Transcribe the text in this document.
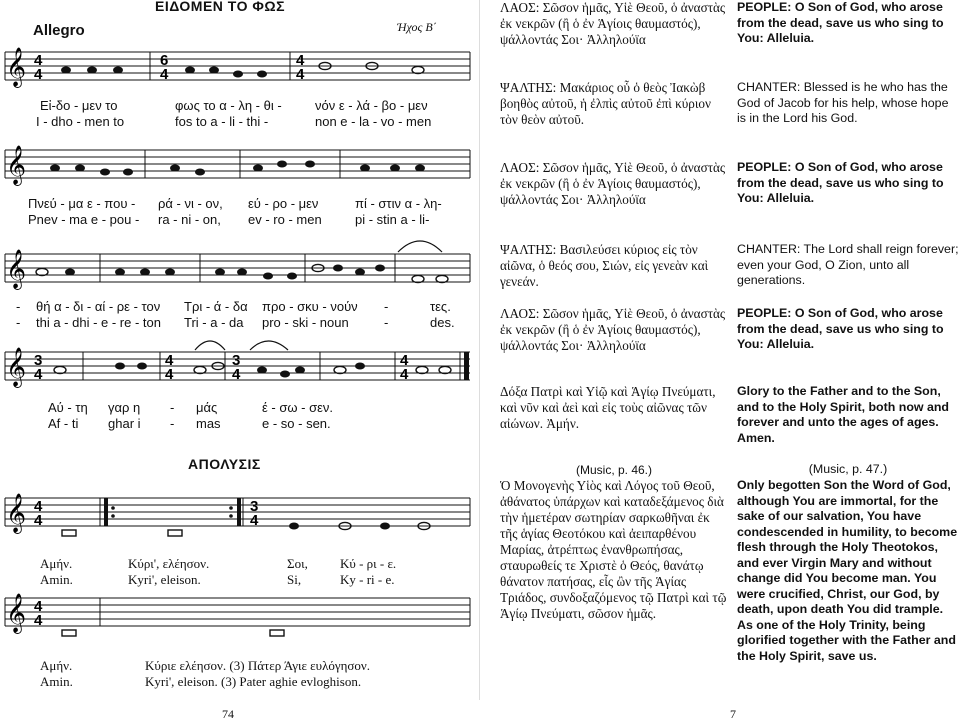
Allegro
ΕΙΔΟΜΕΝ ΤΟ ΦΩΣ
Ήχος Β΄
𝄞 4
4
6
4
4
4
Εἰ-δο - μεν το	φως το α - λη - θι -	νόν ε - λά - βο - μεν
I - dho - men to	fos to a - li - thi -	non e - la - vo - men
𝄞
Πνεύ - μα ε - που - ρά - νι - ον, εύ - ρο - μεν	πί - στιν α - λη-
Pnev - ma e - pou - ra - ni - on, ev - ro - men	pi - stin a - li-
𝄞
- θή α - δι - αί - ρε - τον Τρι - ά - δα προ - σκυ - νούν -	τες.
- thi a - dhi - e - re - ton Tri - a - da pro - ski - noun	-	des.
𝄞 3
4
4
4
3
4
4
4
Αύ - τη γαρ η - μάς	έ - σω - σεν.
Af - ti ghar i - mas	e - so - sen.
ΑΠΟΛΥΣΙΣ
𝄞 4
4
3
4
Αμήν.	Κύρι', ελέησον.	Σοι, Κύ - ρι - ε.
Amin.	Kyri', eleison.	Si,	Ky - ri - e.
𝄞 4
4
Αμήν.	Κύριε ελέησον. (3) Πάτερ Άγιε ευλόγησον.
Amin.	Kyri', eleison. (3) Pater aghie evloghison.
74
ΛΑΟΣ: Σῶσον ἡμᾶς, Υἱὲ Θεοῦ, ὁ ἀναστὰς ἐκ νεκρῶν (ἢ ὁ ἐν Ἁγίοις θαυμαστός), ψάλλοντάς Σοι· Ἀλληλούϊα
ΨΑΛΤΗΣ: Μακάριος οὗ ὁ θεὸς Ἰακὼβ βοηθὸς αὐτοῦ, ἡ ἐλπὶς αὐτοῦ ἐπὶ κύριον τὸν θεὸν αὐτοῦ.
ΛΑΟΣ: Σῶσον ἡμᾶς, Υἱὲ Θεοῦ, ὁ ἀναστὰς ἐκ νεκρῶν (ἢ ὁ ἐν Ἁγίοις θαυμαστός), ψάλλοντάς Σοι· Ἀλληλούϊα
ΨΑΛΤΗΣ: Βασιλεύσει κύριος εἰς τὸν αἰῶνα, ὁ θεός σου, Σιών, εἰς γενεὰν καὶ γενεάν.
ΛΑΟΣ: Σῶσον ἡμᾶς, Υἱὲ Θεοῦ, ὁ ἀναστὰς ἐκ νεκρῶν (ἢ ὁ ἐν Ἁγίοις θαυμαστός), ψάλλοντάς Σοι· Ἀλληλούϊα
Δόξα Πατρὶ καὶ Υἱῷ καὶ Ἁγίῳ Πνεύματι, καὶ νῦν καὶ ἀεὶ καὶ εἰς τοὺς αἰῶνας τῶν αἰώνων. Ἀμήν.
(Music, p. 46.)
Ὁ Μονογενὴς Υἱὸς καὶ Λόγος τοῦ Θεοῦ, ἀθάνατος ὑπάρχων καὶ καταδεξάμενος διὰ τὴν ἡμετέραν σωτηρίαν σαρκωθῆναι ἐκ τῆς ἁγίας Θεοτόκου καὶ ἀειπαρθένου Μαρίας, ἀτρέπτως ἐνανθρωπήσας, σταυρωθείς τε Χριστὲ ὁ Θεός, θανάτῳ θάνατον πατήσας, εἷς ὢν τῆς Ἁγίας Τριάδος, συνδοξαζόμενος τῷ Πατρὶ καὶ τῷ Ἁγίῳ Πνεύματι, σῶσον ἡμᾶς.
PEOPLE: O Son of God, who arose from the dead, save us who sing to You: Alleluia.
CHANTER: Blessed is he who has the God of Jacob for his help, whose hope is in the Lord his God.
PEOPLE: O Son of God, who arose from the dead, save us who sing to You: Alleluia.
CHANTER: The Lord shall reign forever; even your God, O Zion, unto all generations.
PEOPLE: O Son of God, who arose from the dead, save us who sing to You: Alleluia.
Glory to the Father and to the Son, and to the Holy Spirit, both now and forever and unto the ages of ages. Amen.
(Music, p. 47.)
Only begotten Son the Word of God, although You are immortal, for the sake of our salvation, You have condescended in humility, to become flesh through the Holy Theotokos, and ever Virgin Mary and without change did You become man. You were crucified, Christ, our God, by death, upon death You did trample. As one of the Holy Trinity, being glorified together with the Father and the Holy Spirit, save us.
7
